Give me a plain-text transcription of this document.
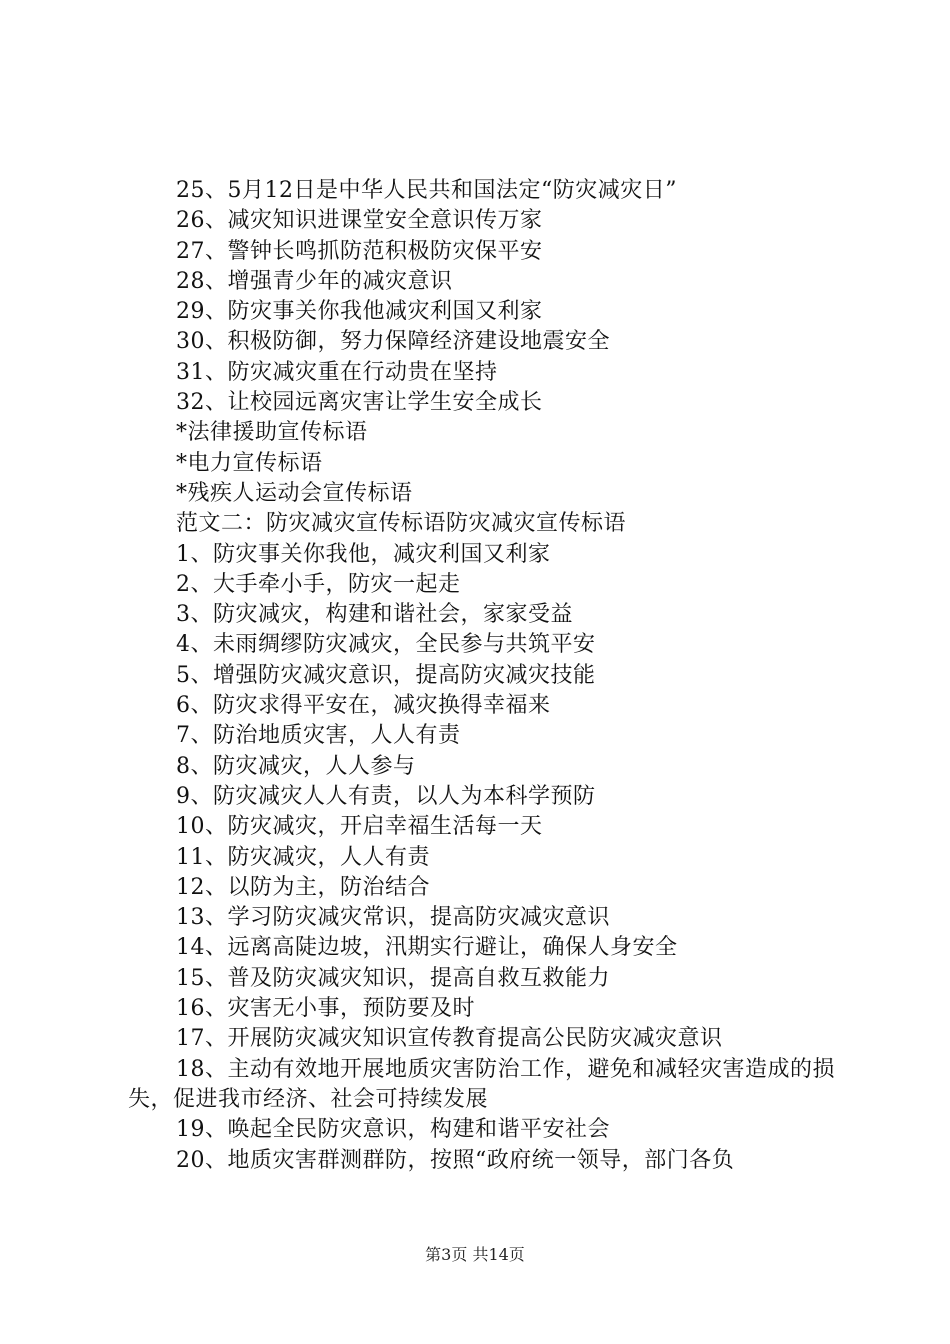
25、5月12日是中华人民共和国法定“防灾减灾日”
26、减灾知识进课堂安全意识传万家
27、警钟长鸣抓防范积极防灾保平安
28、增强青少年的减灾意识
29、防灾事关你我他减灾利国又利家
30、积极防御，努力保障经济建设地震安全
31、防灾减灾重在行动贵在坚持
32、让校园远离灾害让学生安全成长
*法律援助宣传标语
*电力宣传标语
*残疾人运动会宣传标语
范文二：防灾减灾宣传标语防灾减灾宣传标语
1、防灾事关你我他，减灾利国又利家
2、大手牵小手，防灾一起走
3、防灾减灾，构建和谐社会，家家受益
4、未雨绸缪防灾减灾，全民参与共筑平安
5、增强防灾减灾意识，提高防灾减灾技能
6、防灾求得平安在，减灾换得幸福来
7、防治地质灾害，人人有责
8、防灾减灾，人人参与
9、防灾减灾人人有责，以人为本科学预防
10、防灾减灾，开启幸福生活每一天
11、防灾减灾，人人有责
12、以防为主，防治结合
13、学习防灾减灾常识，提高防灾减灾意识
14、远离高陡边坡，汛期实行避让，确保人身安全
15、普及防灾减灾知识，提高自救互救能力
16、灾害无小事，预防要及时
17、开展防灾减灾知识宣传教育提高公民防灾减灾意识
18、主动有效地开展地质灾害防治工作，避免和减轻灾害造成的损失，促进我市经济、社会可持续发展
19、唤起全民防灾意识，构建和谐平安社会
20、地质灾害群测群防，按照“政府统一领导，部门各负
第3页 共14页
